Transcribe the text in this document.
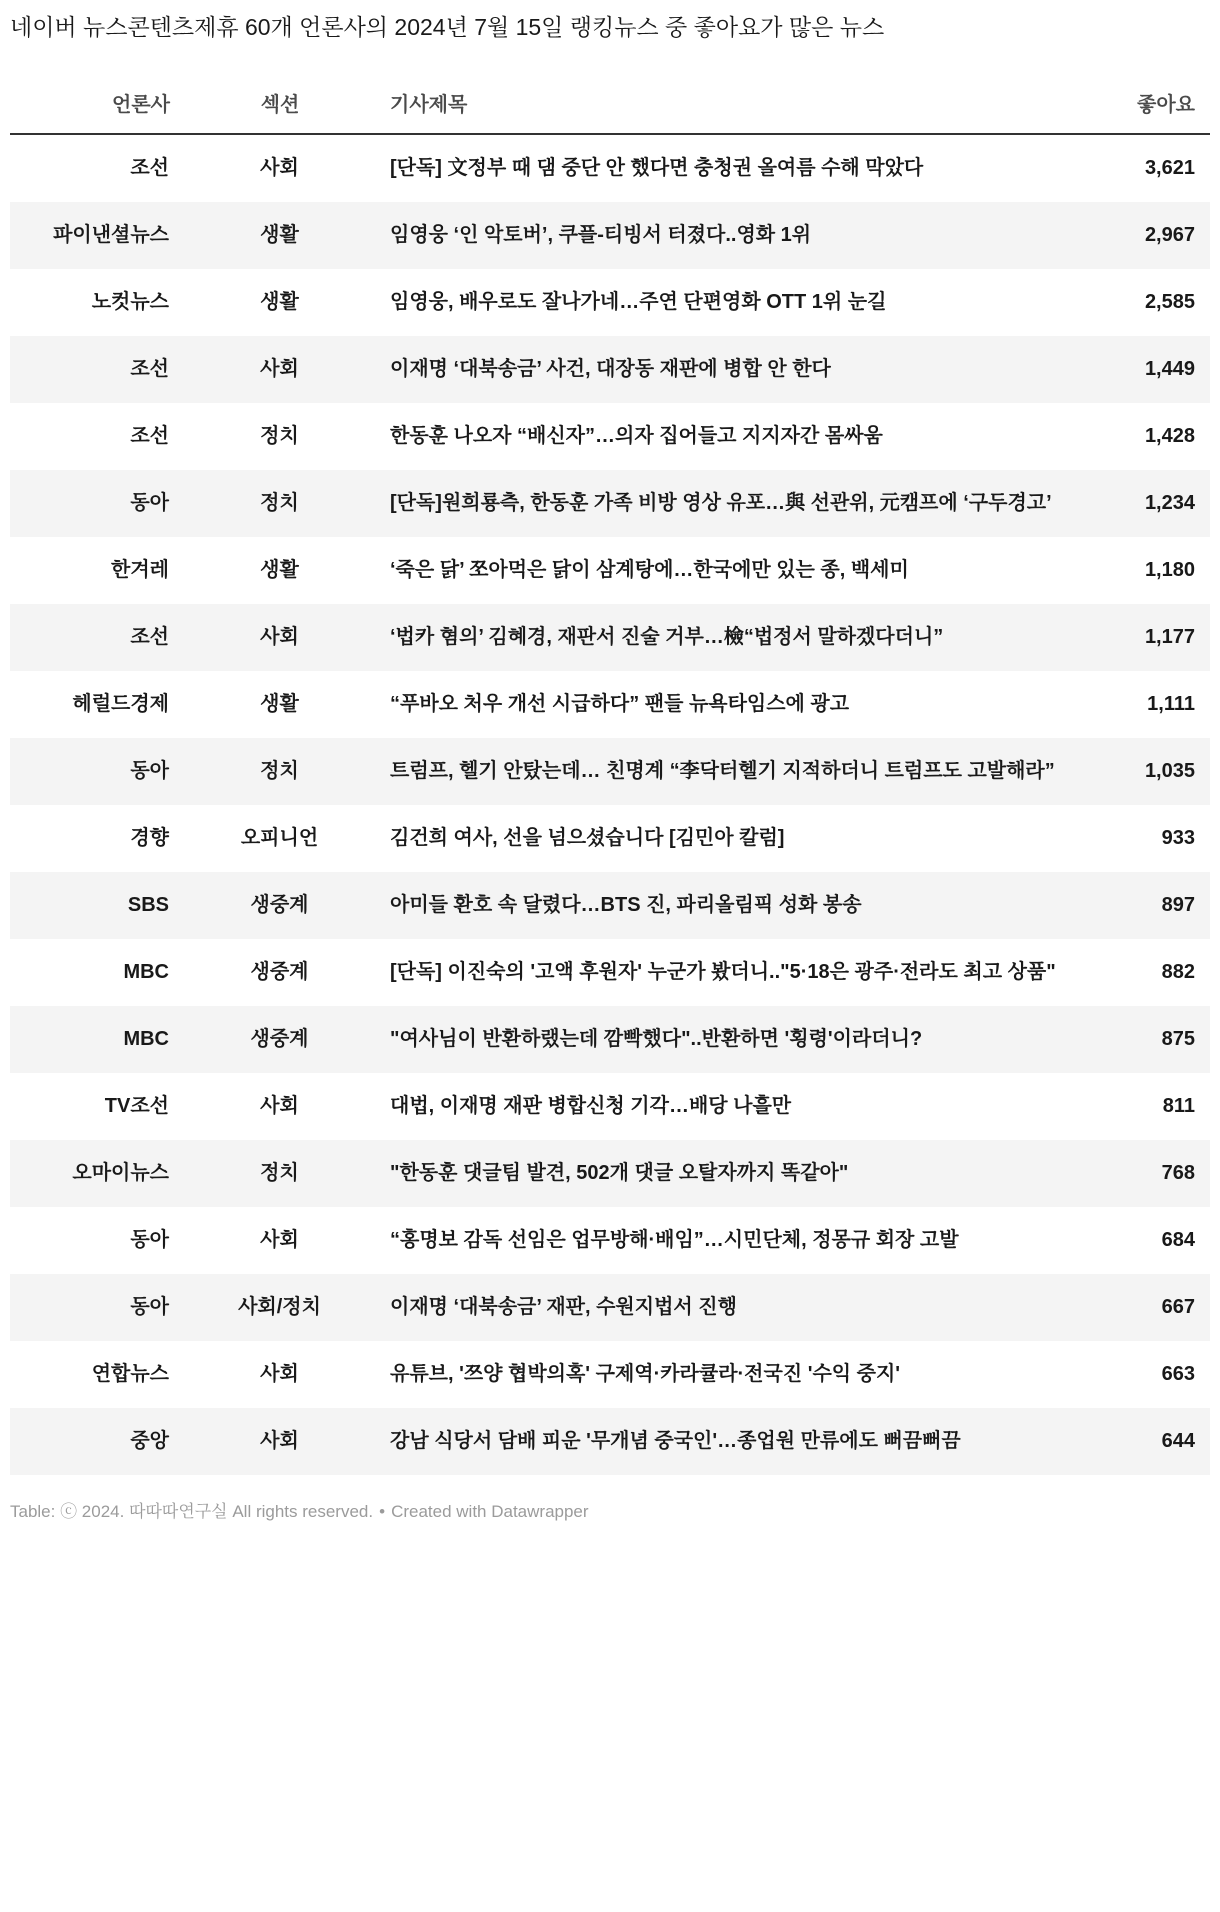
네이버 뉴스콘텐츠제휴 60개 언론사의 2024년 7월 15일 랭킹뉴스 중 좋아요가 많은 뉴스
언론사	섹션	기사제목	좋아요
조선	사회	[단독] 文정부 때 댐 중단 안 했다면 충청권 올여름 수해 막았다	3,621
파이낸셜뉴스	생활	임영웅 ‘인 악토버’, 쿠플-티빙서 터졌다..영화 1위	2,967
노컷뉴스	생활	임영웅, 배우로도 잘나가네…주연 단편영화 OTT 1위 눈길	2,585
조선	사회	이재명 ‘대북송금’ 사건, 대장동 재판에 병합 안 한다	1,449
조선	정치	한동훈 나오자 “배신자”…의자 집어들고 지지자간 몸싸움	1,428
동아	정치	[단독]원희룡측, 한동훈 가족 비방 영상 유포…與 선관위, 元캠프에 ‘구두경고’	1,234
한겨레	생활	‘죽은 닭’ 쪼아먹은 닭이 삼계탕에…한국에만 있는 종, 백세미	1,180
조선	사회	‘법카 혐의’ 김혜경, 재판서 진술 거부…檢“법정서 말하겠다더니”	1,177
헤럴드경제	생활	“푸바오 처우 개선 시급하다” 팬들 뉴욕타임스에 광고	1,111
동아	정치	트럼프, 헬기 안탔는데… 친명계 “李닥터헬기 지적하더니 트럼프도 고발해라”	1,035
경향	오피니언	김건희 여사, 선을 넘으셨습니다 [김민아 칼럼]	933
SBS	생중계	아미들 환호 속 달렸다…BTS 진, 파리올림픽 성화 봉송	897
MBC	생중계	[단독] 이진숙의 '고액 후원자' 누군가 봤더니.."5·18은 광주·전라도 최고 상품"	882
MBC	생중계	"여사님이 반환하랬는데 깜빡했다"..반환하면 '횡령'이라더니?	875
TV조선	사회	대법, 이재명 재판 병합신청 기각…배당 나흘만	811
오마이뉴스	정치	"한동훈 댓글팀 발견, 502개 댓글 오탈자까지 똑같아"	768
동아	사회	“홍명보 감독 선임은 업무방해·배임”…시민단체, 정몽규 회장 고발	684
동아	사회/정치	이재명 ‘대북송금’ 재판, 수원지법서 진행	667
연합뉴스	사회	유튜브, '쯔양 협박의혹' 구제역·카라큘라·전국진 '수익 중지'	663
중앙	사회	강남 식당서 담배 피운 '무개념 중국인'…종업원 만류에도 뻐끔뻐끔	644
Table: ⓒ 2024. 따따따연구실 All rights reserved. • Created with Datawrapper
